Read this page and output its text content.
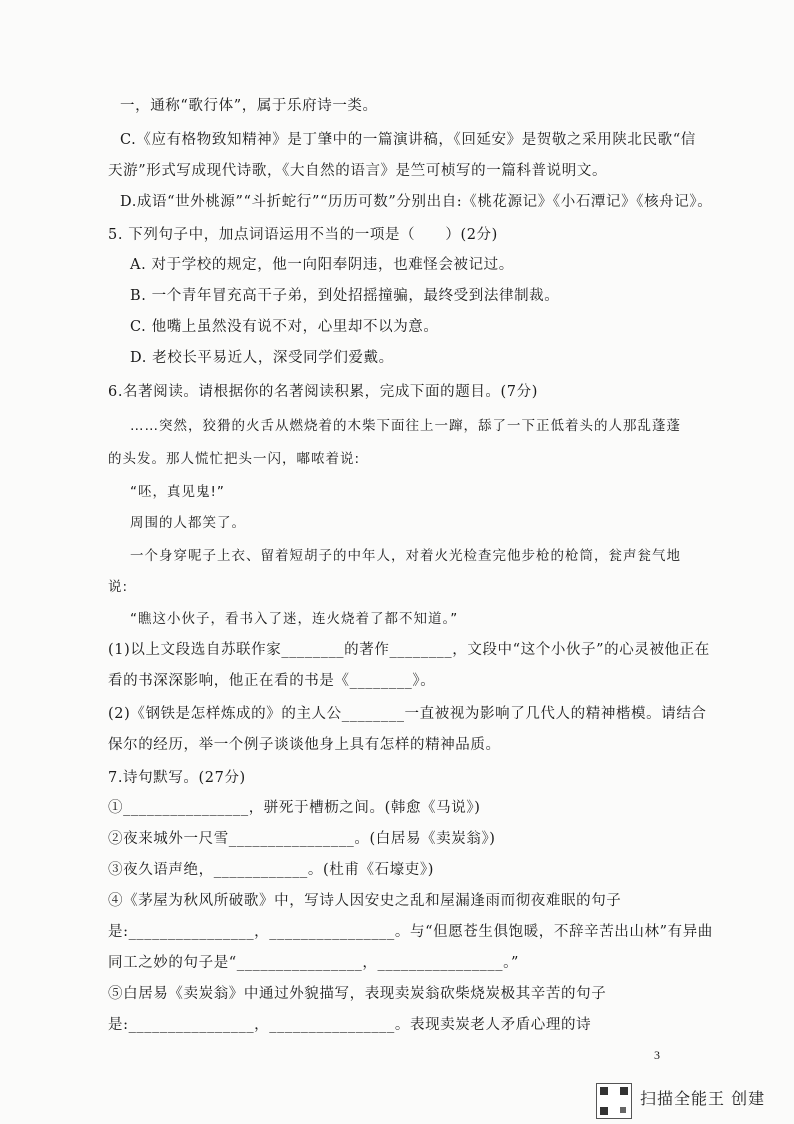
一，通称“歌行体”，属于乐府诗一类。
C.《应有格物致知精神》是丁肇中的一篇演讲稿，《回延安》是贺敬之采用陕北民歌“信
天游”形式写成现代诗歌，《大自然的语言》是竺可桢写的一篇科普说明文。
D.成语“世外桃源”“斗折蛇行”“历历可数”分别出自:《桃花源记》《小石潭记》《核舟记》。
5. 下列句子中，加点词语运用不当的一项是（　　）(2分)
A. 对于学校的规定，他一向阳奉阴违，也难怪会被记过。
B. 一个青年冒充高干子弟，到处招摇撞骗，最终受到法律制裁。
C. 他嘴上虽然没有说不对，心里却不以为意。
D. 老校长平易近人，深受同学们爱戴。
6.名著阅读。请根据你的名著阅读积累，完成下面的题目。(7分)
……突然，狡猾的火舌从燃烧着的木柴下面往上一蹿，舔了一下正低着头的人那乱蓬蓬
的头发。那人慌忙把头一闪，嘟哝着说:
“呸，真见鬼!”
周围的人都笑了。
一个身穿呢子上衣、留着短胡子的中年人，对着火光检查完他步枪的枪筒，瓮声瓮气地
说:
“瞧这小伙子，看书入了迷，连火烧着了都不知道。”
(1)以上文段选自苏联作家________的著作________，文段中“这个小伙子”的心灵被他正在
看的书深深影响，他正在看的书是《________》。
(2)《钢铁是怎样炼成的》的主人公________一直被视为影响了几代人的精神楷模。请结合
保尔的经历，举一个例子谈谈他身上具有怎样的精神品质。
7.诗句默写。(27分)
①________________，骈死于槽枥之间。(韩愈《马说》)
②夜来城外一尺雪________________。(白居易《卖炭翁》)
③夜久语声绝，____________。(杜甫《石壕吏》)
④《茅屋为秋风所破歌》中，写诗人因安史之乱和屋漏逢雨而彻夜难眠的句子
是:________________，________________。与“但愿苍生俱饱暖，不辞辛苦出山林”有异曲
同工之妙的句子是“________________，________________。”
⑤白居易《卖炭翁》中通过外貌描写，表现卖炭翁砍柴烧炭极其辛苦的句子
是:________________，________________。表现卖炭老人矛盾心理的诗
3
扫描全能王 创建
